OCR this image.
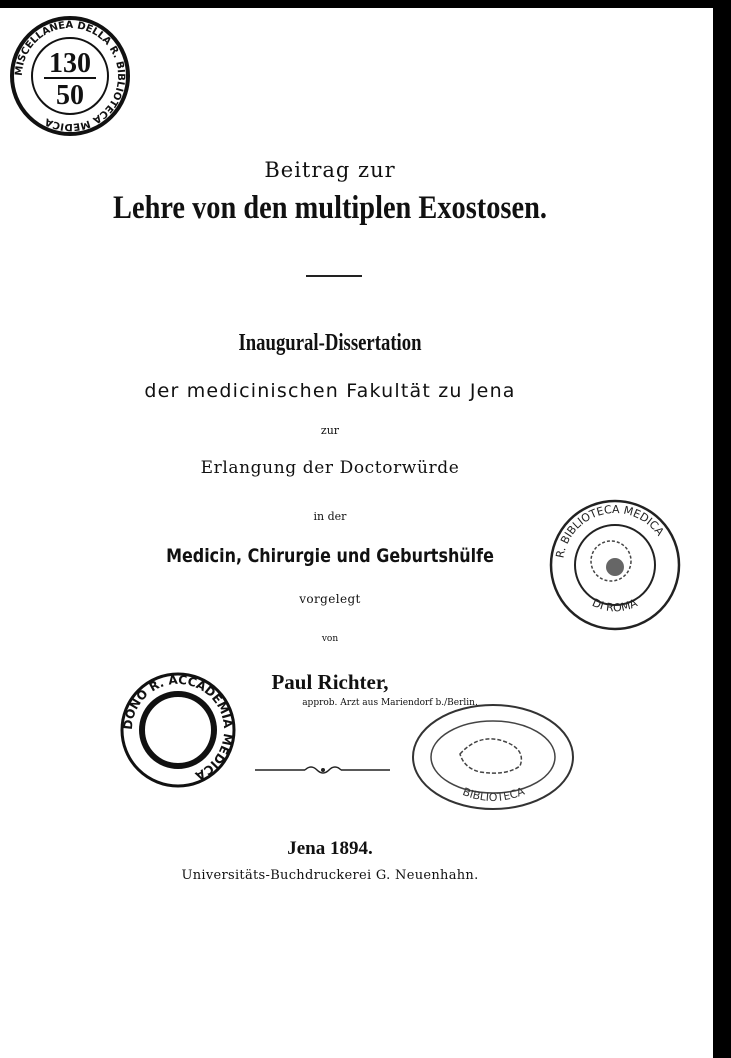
Beitrag zur
Lehre von den multiplen Exostosen.
Inaugural-Dissertation
der medicinischen Fakultät zu Jena
zur
Erlangung der Doctorwürde
in der
Medicin, Chirurgie und Geburtshülfe
vorgelegt
von
Paul Richter,
approb. Arzt aus Mariendorf b./Berlin.
Jena 1894.
Universitäts-Buchdruckerei G. Neuenhahn.
MISCELLANEA DELLA R. BIBLIOTECA MEDICA
130
50
R. BIBLIOTECA MEDICA
DI ROMA
DONO R. ACCADEMIA MEDICA
BIBLIOTECA
